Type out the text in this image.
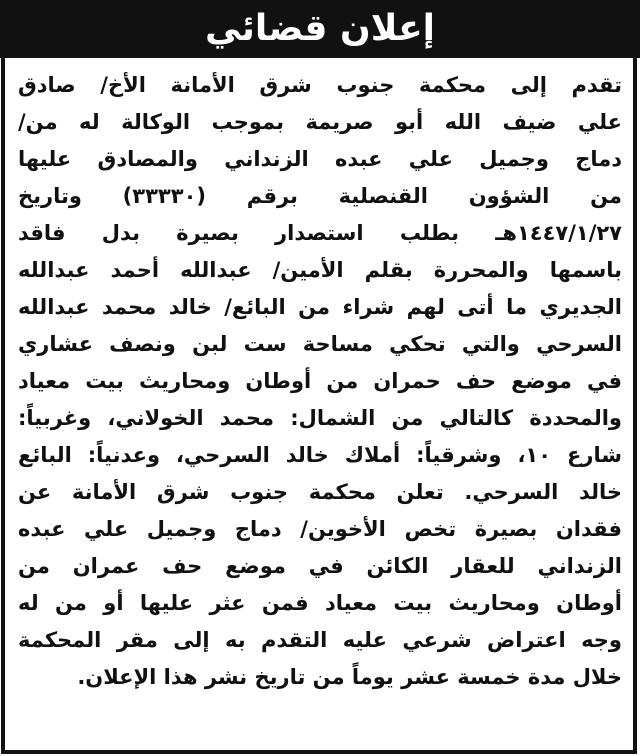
إعلان قضائي
تقدم إلى محكمة جنوب شرق الأمانة الأخ/ صادق
علي ضيف الله أبو صريمة بموجب الوكالة له من/
دماج وجميل علي عبده الزنداني والمصادق عليها
من الشؤون القنصلية برقم (٣٣٣٣٠) وتاريخ
١٤٤٧/١/٢٧هـ بطلب استصدار بصيرة بدل فاقد
باسمها والمحررة بقلم الأمين/ عبدالله أحمد عبدالله
الجديري ما أتى لهم شراء من البائع/ خالد محمد عبدالله
السرحي والتي تحكي مساحة ست لبن ونصف عشاري
في موضع حف حمران من أوطان ومحاريث بيت معياد
والمحددة كالتالي من الشمال: محمد الخولاني، وغربياً:
شارع ١٠، وشرقياً: أملاك خالد السرحي، وعدنياً: البائع
خالد السرحي. تعلن محكمة جنوب شرق الأمانة عن
فقدان بصيرة تخص الأخوين/ دماج وجميل علي عبده
الزنداني للعقار الكائن في موضع حف عمران من
أوطان ومحاريث بيت معياد فمن عثر عليها أو من له
وجه اعتراض شرعي عليه التقدم به إلى مقر المحكمة
خلال مدة خمسة عشر يوماً من تاريخ نشر هذا الإعلان.
